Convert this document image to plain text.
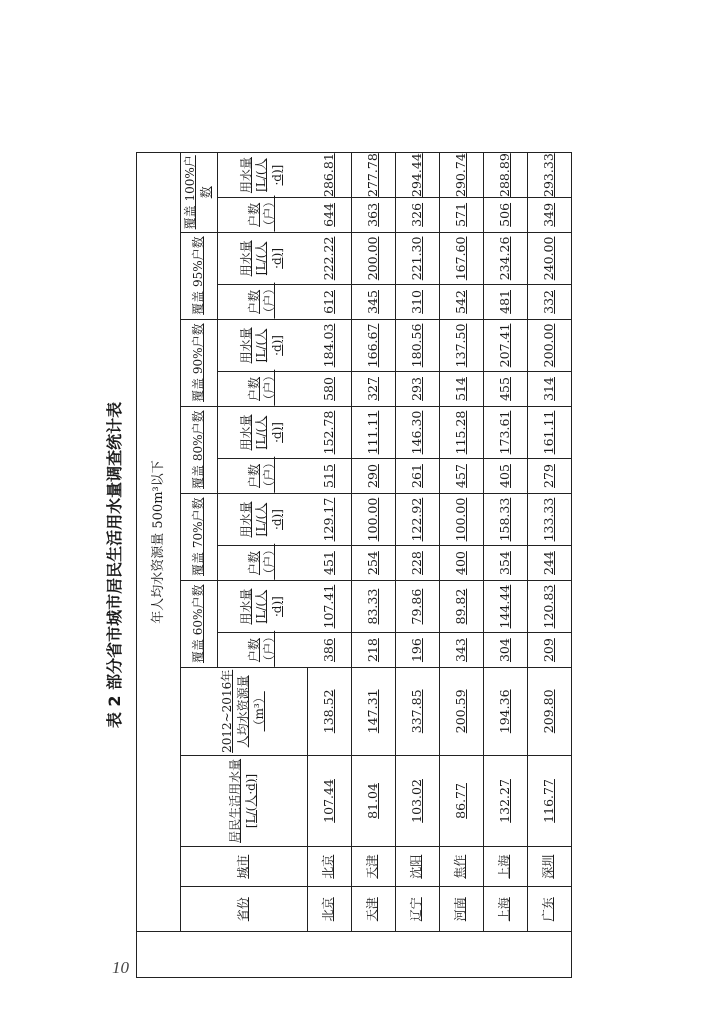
10
表 2 部分省市城市居民生活用水量调查统计表	年人均水资源量 500m³以下
省份	城市	居民生活用水量[L/(人·d)]	2012~2016年人均水资源量（m³）	覆盖 60%户数		覆盖 70%户数		覆盖 80%户数		覆盖 90%户数		覆盖 95%户数		覆盖 100%户数	
				户数（户）	用水量[L/(人·d)]	户数（户）	用水量[L/(人·d)]	户数（户）	用水量[L/(人·d)]	户数（户）	用水量[L/(人·d)]	户数（户）	用水量[L/(人·d)]	户数（户）	用水量[L/(人·d)]
北京	北京	107.44	138.52	386	107.41	451	129.17	515	152.78	580	184.03	612	222.22	644	286.81
天津	天津	81.04	147.31	218	83.33	254	100.00	290	111.11	327	166.67	345	200.00	363	277.78
辽宁	沈阳	103.02	337.85	196	79.86	228	122.92	261	146.30	293	180.56	310	221.30	326	294.44
河南	焦作	86.77	200.59	343	89.82	400	100.00	457	115.28	514	137.50	542	167.60	571	290.74
上海	上海	132.27	194.36	304	144.44	354	158.33	405	173.61	455	207.41	481	234.26	506	288.89
广东	深圳	116.77	209.80	209	120.83	244	133.33	279	161.11	314	200.00	332	240.00	349	293.33
